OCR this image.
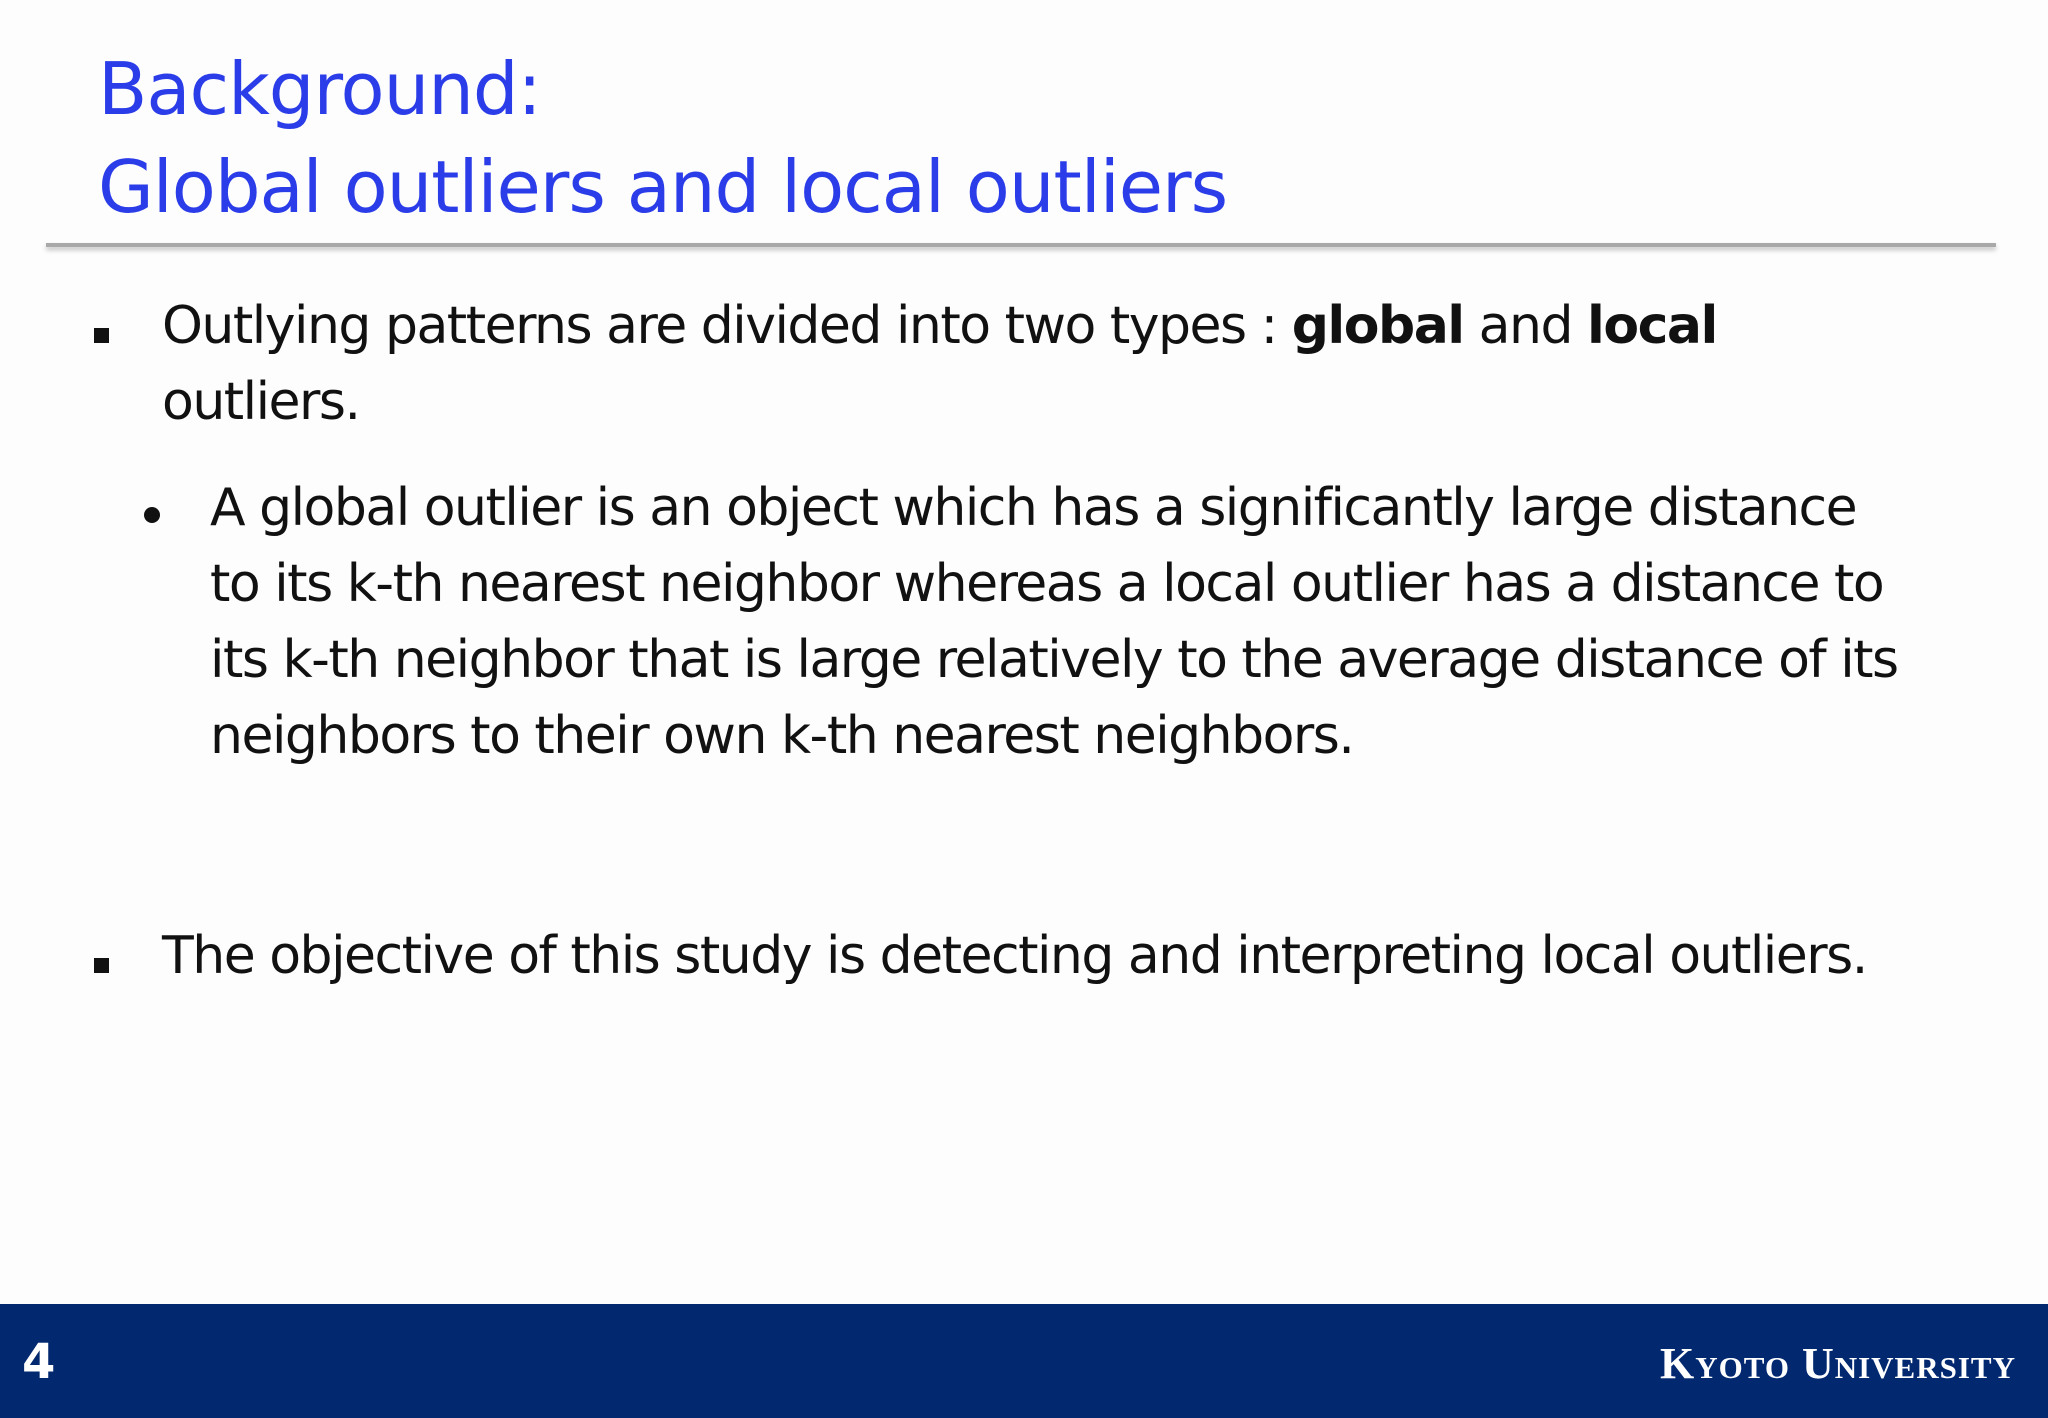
Background:
Global outliers and local outliers

Outlying patterns are divided into two types : global and local
outliers.

A global outlier is an object which has a significantly large distance
to its k-th nearest neighbor whereas a local outlier has a distance to
its k-th neighbor that is large relatively to the average distance of its
neighbors to their own k-th nearest neighbors.

The objective of this study is detecting and interpreting local outliers.

4	Kyoto University
